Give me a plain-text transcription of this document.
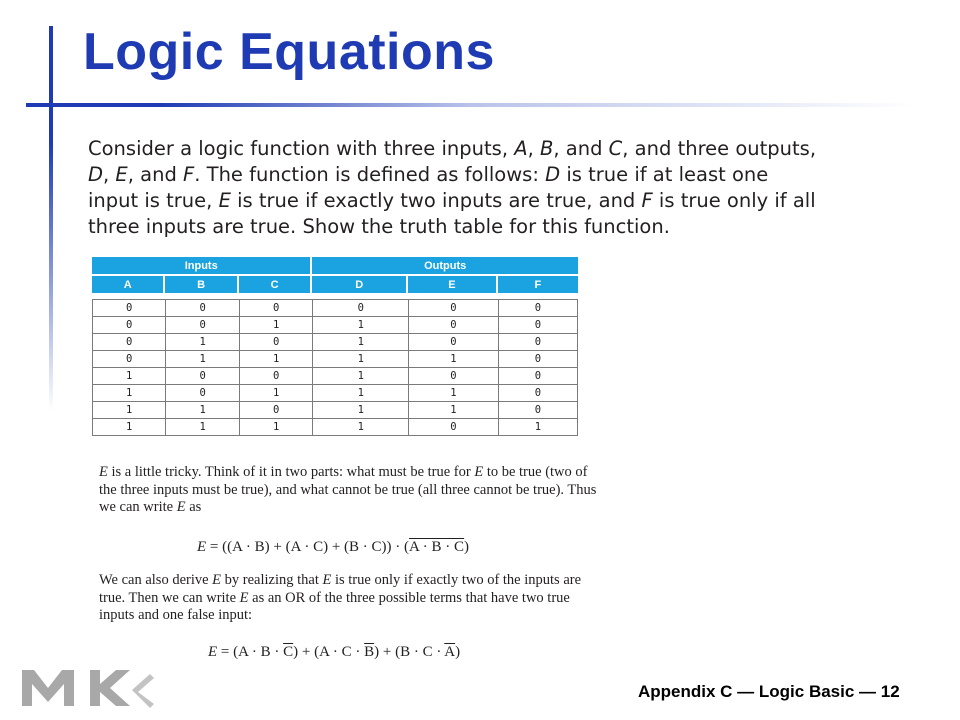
Logic Equations

Consider a logic function with three inputs, A, B, and C, and three outputs, D, E, and F. The function is defined as follows: D is true if at least one input is true, E is true if exactly two inputs are true, and F is true only if all three inputs are true. Show the truth table for this function.

Inputs			Outputs		
A	B	C	D	E	F

0	0	0	0	0	0
0	0	1	1	0	0
0	1	0	1	0	0
0	1	1	1	1	0
1	0	0	1	0	0
1	0	1	1	1	0
1	1	0	1	1	0
1	1	1	1	0	1

E is a little tricky. Think of it in two parts: what must be true for E to be true (two of the three inputs must be true), and what cannot be true (all three cannot be true). Thus we can write E as

E = ((A · B) + (A · C) + (B · C)) · (A · B · C)

We can also derive E by realizing that E is true only if exactly two of the inputs are true. Then we can write E as an OR of the three possible terms that have two true inputs and one false input:

$E = (A \cdot B \cdot \overline{C}) + (A \cdot C \cdot \overline{B}) + (B \cdot C \cdot \overline{A})$

Appendix C — Logic Basic — 12
